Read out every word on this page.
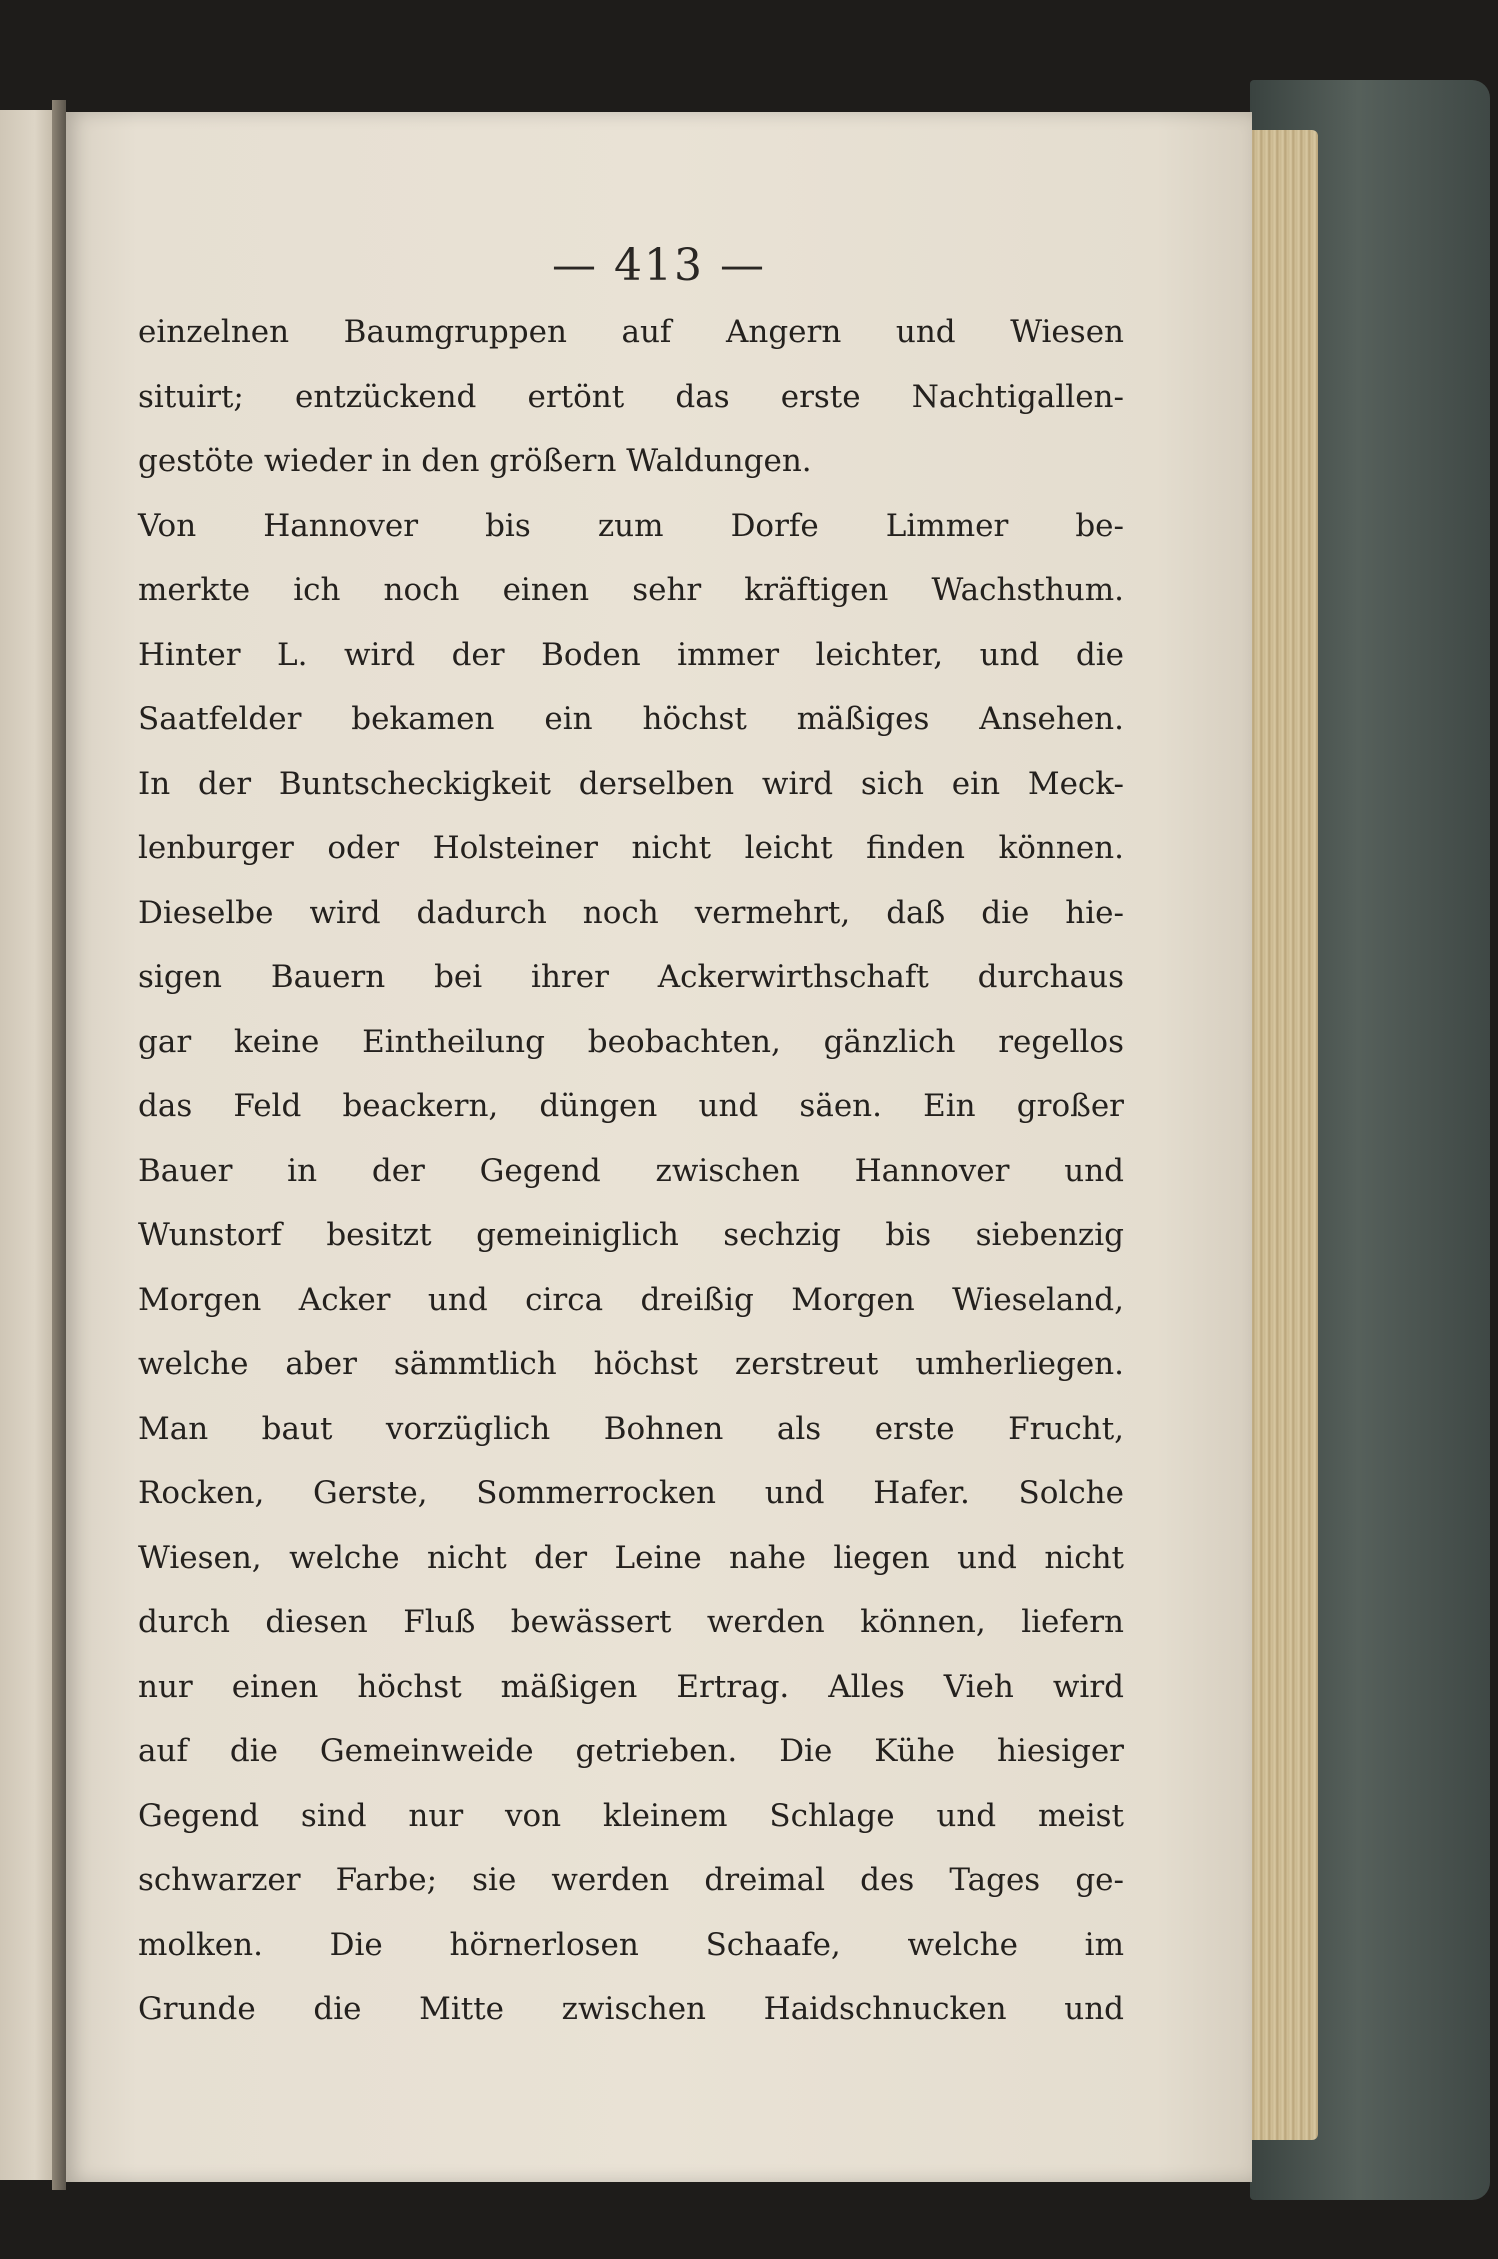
— 413 —
einzelnen Baumgruppen auf Angern und Wiesen
situirt; entzückend ertönt das erste Nachtigallen-
gestöte wieder in den größern Waldungen.
Von Hannover bis zum Dorfe Limmer be-
merkte ich noch einen sehr kräftigen Wachsthum.
Hinter L. wird der Boden immer leichter, und die
Saatfelder bekamen ein höchst mäßiges Ansehen.
In der Buntscheckigkeit derselben wird sich ein Meck-
lenburger oder Holsteiner nicht leicht finden können.
Dieselbe wird dadurch noch vermehrt, daß die hie-
sigen Bauern bei ihrer Ackerwirthschaft durchaus
gar keine Eintheilung beobachten, gänzlich regellos
das Feld beackern, düngen und säen. Ein großer
Bauer in der Gegend zwischen Hannover und
Wunstorf besitzt gemeiniglich sechzig bis siebenzig
Morgen Acker und circa dreißig Morgen Wieseland,
welche aber sämmtlich höchst zerstreut umherliegen.
Man baut vorzüglich Bohnen als erste Frucht,
Rocken, Gerste, Sommerrocken und Hafer. Solche
Wiesen, welche nicht der Leine nahe liegen und nicht
durch diesen Fluß bewässert werden können, liefern
nur einen höchst mäßigen Ertrag. Alles Vieh wird
auf die Gemeinweide getrieben. Die Kühe hiesiger
Gegend sind nur von kleinem Schlage und meist
schwarzer Farbe; sie werden dreimal des Tages ge-
molken. Die hörnerlosen Schaafe, welche im
Grunde die Mitte zwischen Haidschnucken und
